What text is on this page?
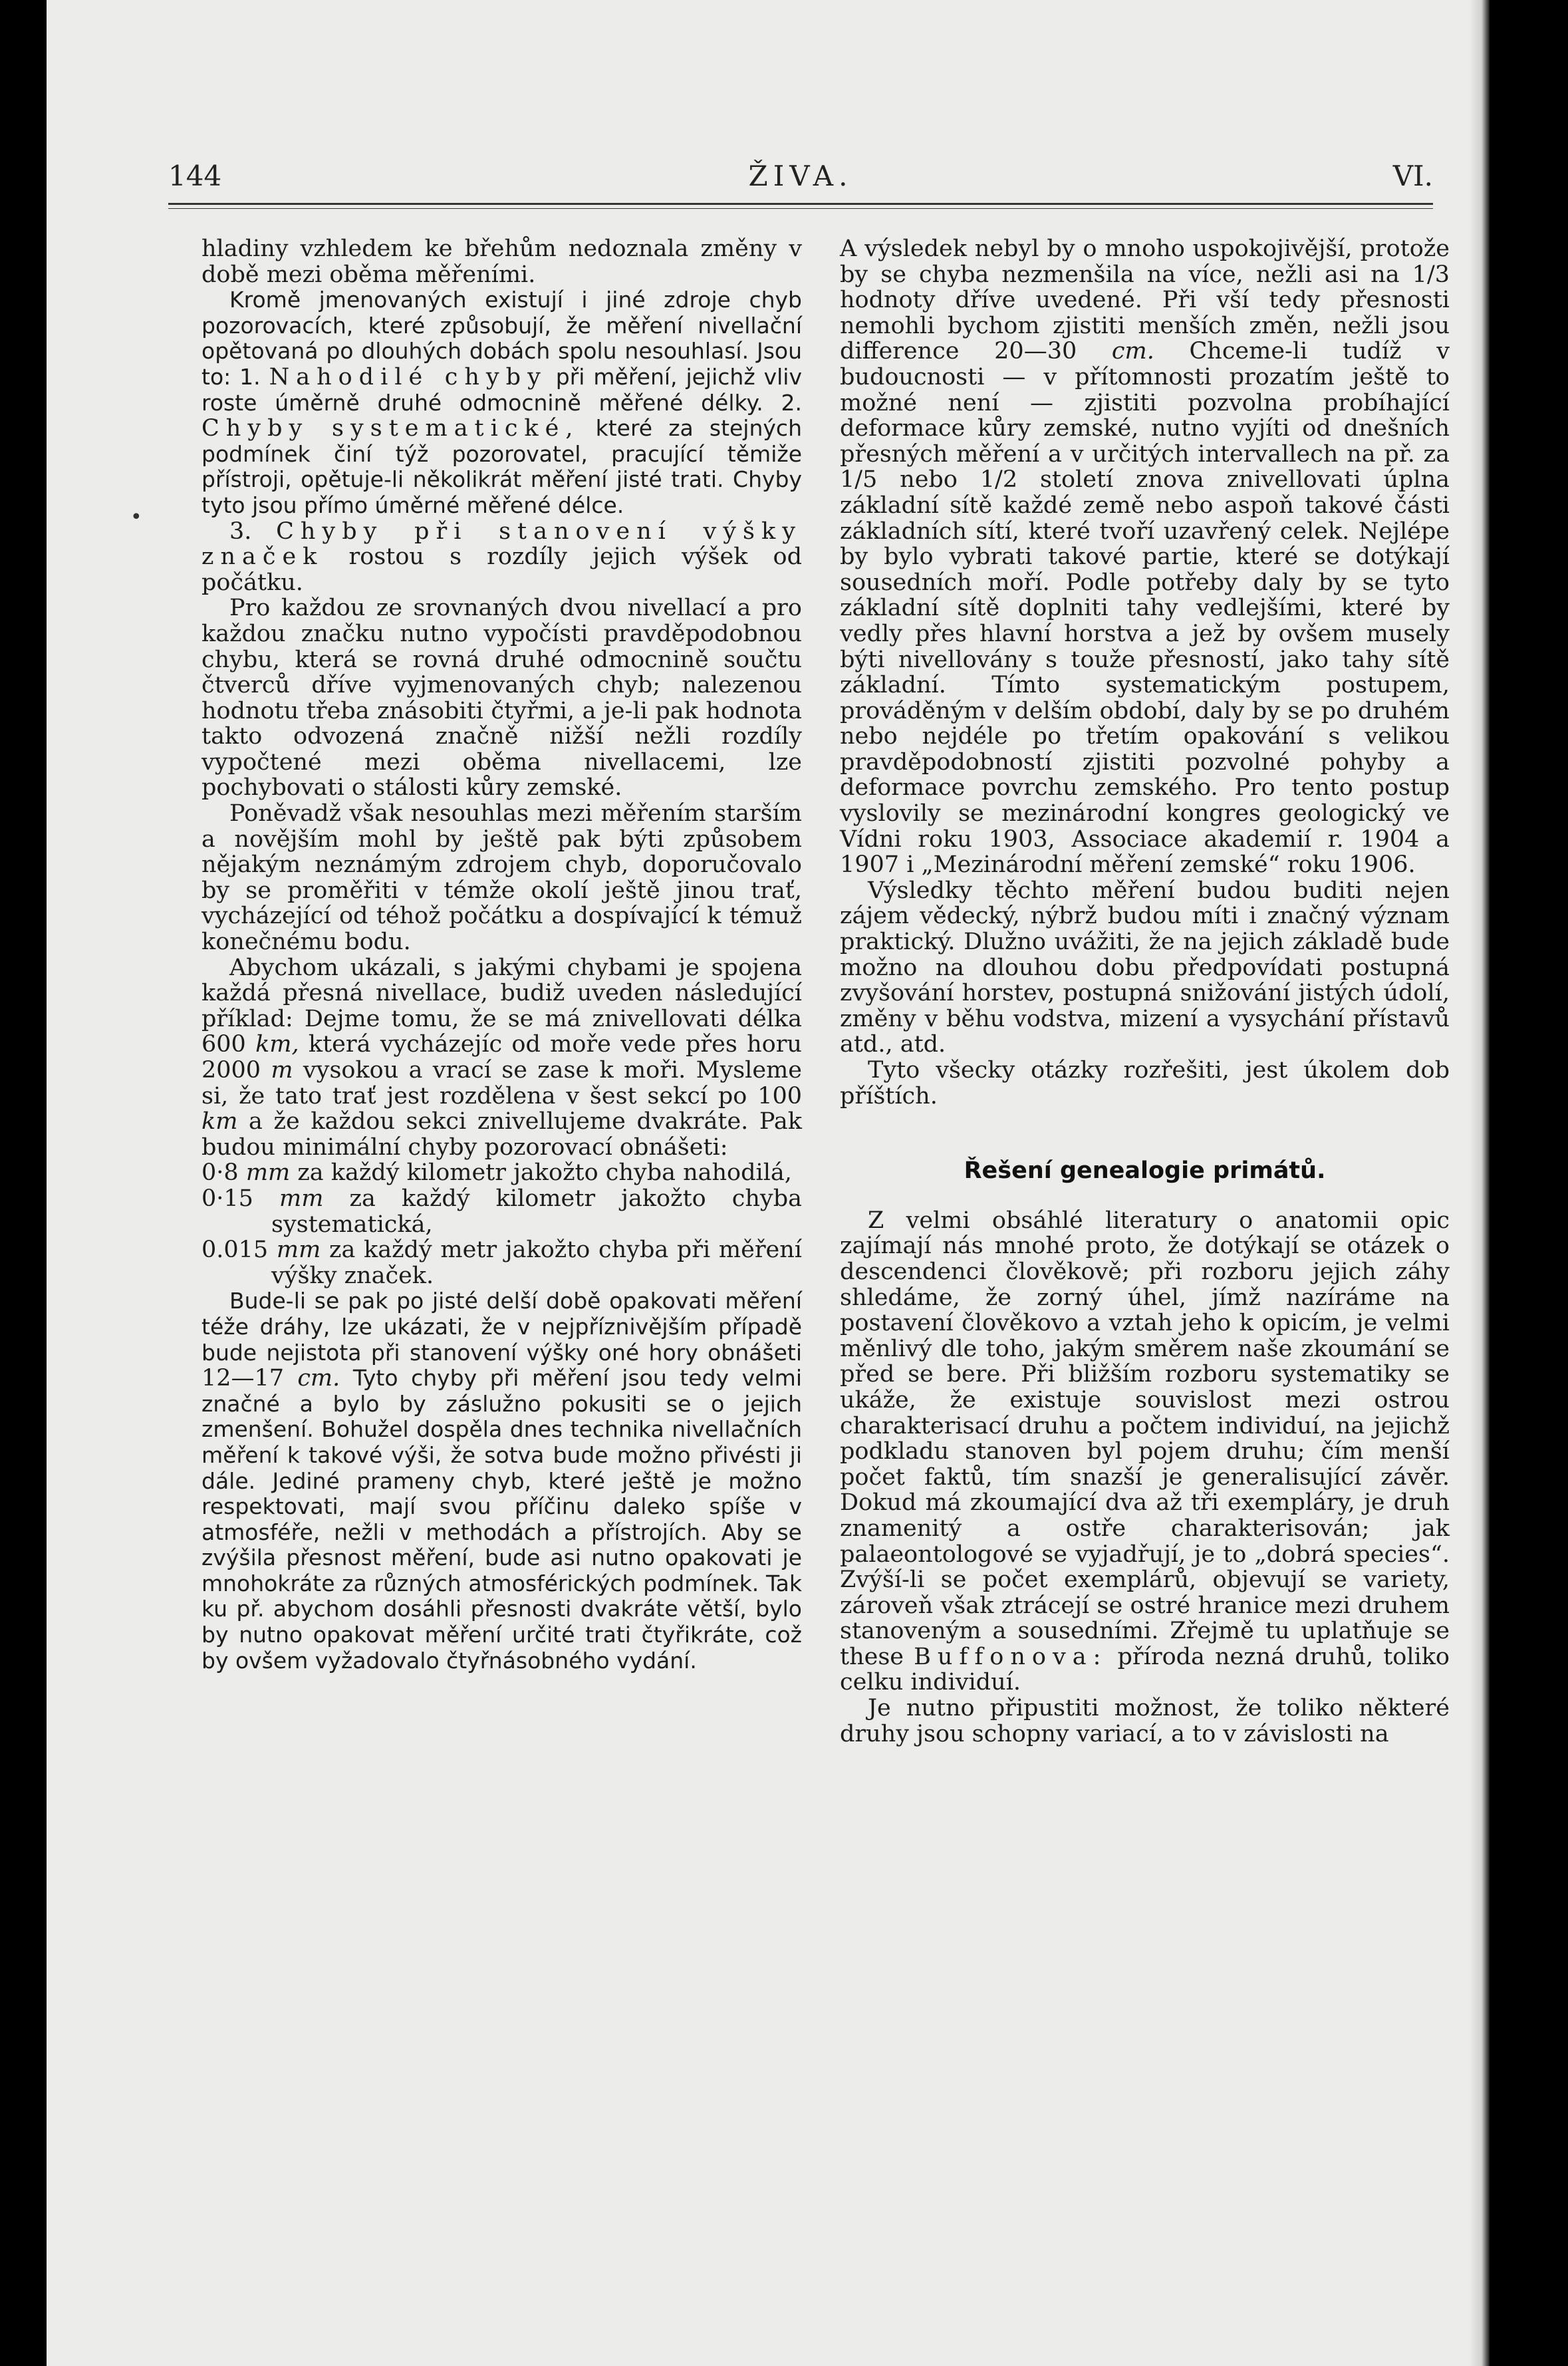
144	ŽIVA.	VI.
•

hladiny vzhledem ke břehům nedoznala změny v době mezi oběma měřeními.

Kromě jmenovaných existují i jiné zdroje chyb pozorovacích, které způsobují, že měření nivellační opětovaná po dlouhých dobách spolu nesouhlasí. Jsou to: 1. Nahodilé chyby při měření, jejichž vliv roste úměrně druhé odmocnině měřené délky. 2. Chyby systematické, které za stejných podmínek činí týž pozorovatel, pracující těmiže přístroji, opětuje-li několikrát měření jisté trati. Chyby tyto jsou přímo úměrné měřené délce.

3. Chyby při stanovení výšky značek rostou s rozdíly jejich výšek od počátku.

Pro každou ze srovnaných dvou nivellací a pro každou značku nutno vypočísti pravděpodobnou chybu, která se rovná druhé odmocnině součtu čtverců dříve vyjmenovaných chyb; nalezenou hodnotu třeba znásobiti čtyřmi, a je-li pak hodnota takto odvozená značně nižší nežli rozdíly vypočtené mezi oběma nivellacemi, lze pochybovati o stálosti kůry zemské.

Poněvadž však nesouhlas mezi měřením starším a novějším mohl by ještě pak býti způsobem nějakým neznámým zdrojem chyb, doporučovalo by se proměřiti v témže okolí ještě jinou trať, vycházející od téhož počátku a dospívající k témuž konečnému bodu.

Abychom ukázali, s jakými chybami je spojena každá přesná nivellace, budiž uveden následující příklad: Dejme tomu, že se má znivellovati délka 600 km, která vycházejíc od moře vede přes horu 2000 m vysokou a vrací se zase k moři. Mysleme si, že tato trať jest rozdělena v šest sekcí po 100 km a že každou sekci znivellujeme dvakráte. Pak budou minimální chyby pozorovací obnášeti:

0·8 mm za každý kilometr jakožto chyba nahodilá,

0·15 mm za každý kilometr jakožto chyba systematická,

0.015 mm za každý metr jakožto chyba při měření výšky značek.

Bude-li se pak po jisté delší době opakovati měření téže dráhy, lze ukázati, že v nejpříznivějším případě bude nejistota při stanovení výšky oné hory obnášeti 12—17 cm. Tyto chyby při měření jsou tedy velmi značné a bylo by záslužno pokusiti se o jejich zmenšení. Bohužel dospěla dnes technika nivellačních měření k takové výši, že sotva bude možno přivésti ji dále. Jediné prameny chyb, které ještě je možno respektovati, mají svou příčinu daleko spíše v atmosféře, nežli v methodách a přístrojích. Aby se zvýšila přesnost měření, bude asi nutno opakovati je mnohokráte za různých atmosférických podmínek. Tak ku př. abychom dosáhli přesnosti dvakráte větší, bylo by nutno opakovat měření určité trati čtyřikráte, což by ovšem vyžadovalo čtyřnásobného vydání.

A výsledek nebyl by o mnoho uspokojivější, protože by se chyba nezmenšila na více, nežli asi na 1/3 hodnoty dříve uvedené. Při vší tedy přesnosti nemohli bychom zjistiti menších změn, nežli jsou difference 20—30 cm. Chceme-li tudíž v budoucnosti — v přítomnosti prozatím ještě to možné není — zjistiti pozvolna probíhající deformace kůry zemské, nutno vyjíti od dnešních přesných měření a v určitých intervallech na př. za 1/5 nebo 1/2 století znova znivellovati úplna základní sítě každé země nebo aspoň takové části základních sítí, které tvoří uzavřený celek. Nejlépe by bylo vybrati takové partie, které se dotýkají sousedních moří. Podle potřeby daly by se tyto základní sítě doplniti tahy vedlejšími, které by vedly přes hlavní horstva a jež by ovšem musely býti nivellovány s touže přesností, jako tahy sítě základní. Tímto systematickým postupem, prováděným v delším období, daly by se po druhém nebo nejdéle po třetím opakování s velikou pravděpodobností zjistiti pozvolné pohyby a deformace povrchu zemského. Pro tento postup vyslovily se mezinárodní kongres geologický ve Vídni roku 1903, Associace akademií r. 1904 a 1907 i „Mezinárodní měření zemské“ roku 1906.

Výsledky těchto měření budou buditi nejen zájem vědecký, nýbrž budou míti i značný význam praktický. Dlužno uvážiti, že na jejich základě bude možno na dlouhou dobu předpovídati postupná zvyšování horstev, postupná snižování jistých údolí, změny v běhu vodstva, mizení a vysychání přístavů atd., atd.

Tyto všecky otázky rozřešiti, jest úkolem dob příštích.

Řešení genealogie primátů.

Z velmi obsáhlé literatury o anatomii opic zajímají nás mnohé proto, že dotýkají se otázek o descendenci člověkově; při rozboru jejich záhy shledáme, že zorný úhel, jímž nazíráme na postavení člověkovo a vztah jeho k opicím, je velmi měnlivý dle toho, jakým směrem naše zkoumání se před se bere. Při bližším rozboru systematiky se ukáže, že existuje souvislost mezi ostrou charakterisací druhu a počtem individuí, na jejichž podkladu stanoven byl pojem druhu; čím menší počet faktů, tím snazší je generalisující závěr. Dokud má zkoumající dva až tři exempláry, je druh znamenitý a ostře charakterisován; jak palaeontologové se vyjadřují, je to „dobrá species“. Zvýší-li se počet exemplárů, objevují se variety, zároveň však ztrácejí se ostré hranice mezi druhem stanoveným a sousedními. Zřejmě tu uplatňuje se these Buffonova: příroda nezná druhů, toliko celku individuí.

Je nutno připustiti možnost, že toliko některé druhy jsou schopny variací, a to v závislosti na
